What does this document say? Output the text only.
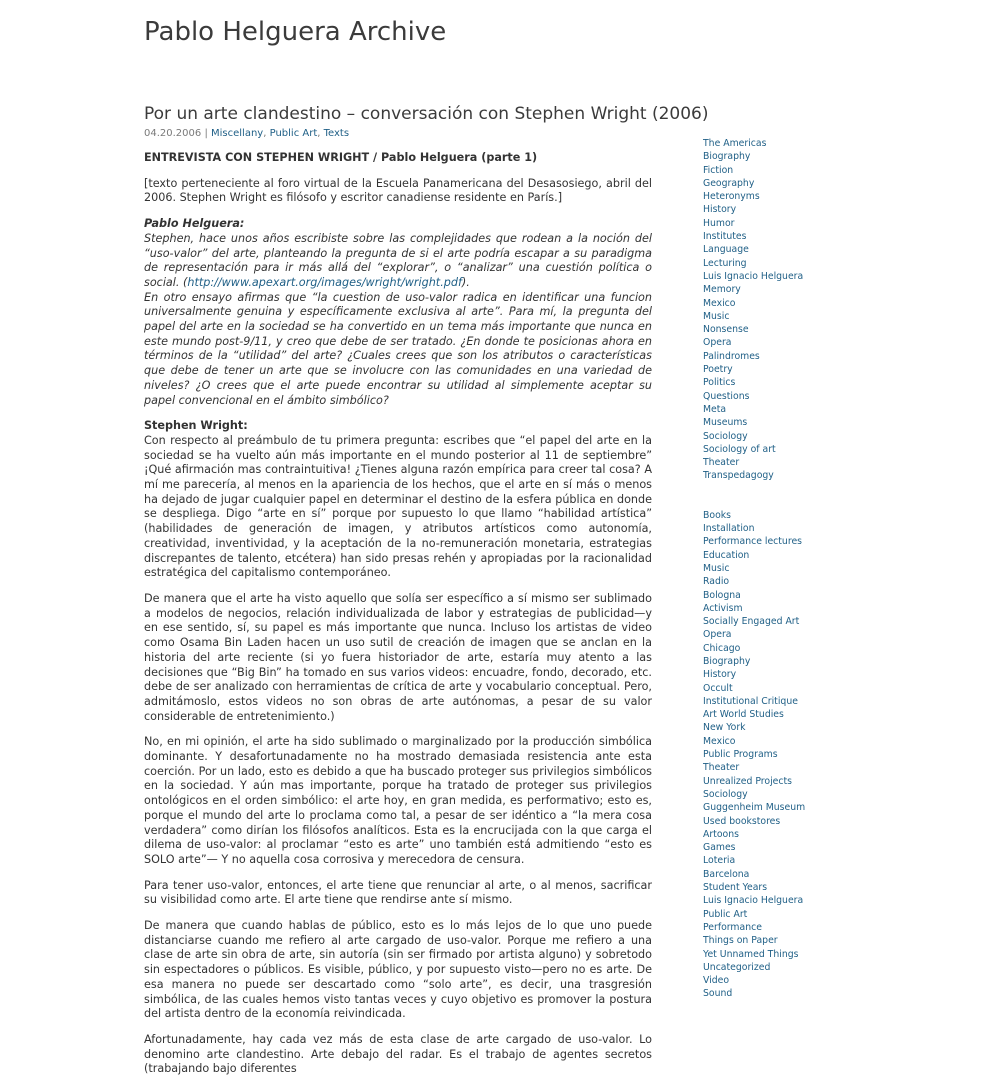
Pablo Helguera Archive
Por un arte clandestino – conversación con Stephen Wright (2006)
04.20.2006 | Miscellany, Public Art, Texts

ENTREVISTA CON STEPHEN WRIGHT / Pablo Helguera (parte 1)

[texto perteneciente al foro virtual de la Escuela Panamericana del Desasosiego, abril del 2006. Stephen Wright es filósofo y escritor canadiense residente en París.]

Pablo Helguera:
Stephen, hace unos años escribiste sobre las complejidades que rodean a la noción del “uso-valor” del arte, planteando la pregunta de si el arte podría escapar a su paradigma de representación para ir más allá del “explorar”, o “analizar” una cuestión política o social. (http://www.apexart.org/images/wright/wright.pdf).
En otro ensayo afirmas que “la cuestion de uso-valor radica en identificar una funcion universalmente genuina y específicamente exclusiva al arte”. Para mí, la pregunta del papel del arte en la sociedad se ha convertido en un tema más importante que nunca en este mundo post-9/11, y creo que debe de ser tratado. ¿En donde te posicionas ahora en términos de la “utilidad” del arte? ¿Cuales crees que son los atributos o características que debe de tener un arte que se involucre con las comunidades en una variedad de niveles? ¿O crees que el arte puede encontrar su utilidad al simplemente aceptar su papel convencional en el ámbito simbólico?

Stephen Wright:
Con respecto al preámbulo de tu primera pregunta: escribes que “el papel del arte en la sociedad se ha vuelto aún más importante en el mundo posterior al 11 de septiembre” ¡Qué afirmación mas contraintuitiva! ¿Tienes alguna razón empírica para creer tal cosa? A mí me parecería, al menos en la apariencia de los hechos, que el arte en sí más o menos ha dejado de jugar cualquier papel en determinar el destino de la esfera pública en donde se despliega. Digo “arte en sí” porque por supuesto lo que llamo “habilidad artística” (habilidades de generación de imagen, y atributos artísticos como autonomía, creatividad, inventividad, y la aceptación de la no-remuneración monetaria, estrategias discrepantes de talento, etcétera) han sido presas rehén y apropiadas por la racionalidad estratégica del capitalismo contemporáneo.

De manera que el arte ha visto aquello que solía ser específico a sí mismo ser sublimado a modelos de negocios, relación individualizada de labor y estrategias de publicidad—y en ese sentido, sí, su papel es más importante que nunca. Incluso los artistas de video como Osama Bin Laden hacen un uso sutil de creación de imagen que se anclan en la historia del arte reciente (si yo fuera historiador de arte, estaría muy atento a las decisiones que “Big Bin” ha tomado en sus varios videos: encuadre, fondo, decorado, etc. debe de ser analizado con herramientas de crítica de arte y vocabulario conceptual. Pero, admitámoslo, estos videos no son obras de arte autónomas, a pesar de su valor considerable de entretenimiento.)

No, en mi opinión, el arte ha sido sublimado o marginalizado por la producción simbólica dominante. Y desafortunadamente no ha mostrado demasiada resistencia ante esta coerción. Por un lado, esto es debido a que ha buscado proteger sus privilegios simbólicos en la sociedad. Y aún mas importante, porque ha tratado de proteger sus privilegios ontológicos en el orden simbólico: el arte hoy, en gran medida, es performativo; esto es, porque el mundo del arte lo proclama como tal, a pesar de ser idéntico a “la mera cosa verdadera” como dirían los filósofos analíticos. Esta es la encrucijada con la que carga el dilema de uso-valor: al proclamar “esto es arte” uno también está admitiendo “esto es SOLO arte”— Y no aquella cosa corrosiva y merecedora de censura.

Para tener uso-valor, entonces, el arte tiene que renunciar al arte, o al menos, sacrificar su visibilidad como arte. El arte tiene que rendirse ante sí mismo.

De manera que cuando hablas de público, esto es lo más lejos de lo que uno puede distanciarse cuando me refiero al arte cargado de uso-valor. Porque me refiero a una clase de arte sin obra de arte, sin autoría (sin ser firmado por artista alguno) y sobretodo sin espectadores o públicos. Es visible, público, y por supuesto visto—pero no es arte. De esa manera no puede ser descartado como “solo arte”, es decir, una trasgresión simbólica, de las cuales hemos visto tantas veces y cuyo objetivo es promover la postura del artista dentro de la economía reivindicada.

Afortunadamente, hay cada vez más de esta clase de arte cargado de uso-valor. Lo denomino arte clandestino. Arte debajo del radar. Es el trabajo de agentes secretos (trabajando bajo diferentes

The Americas
Biography
Fiction
Geography
Heteronyms
History
Humor
Institutes
Language
Lecturing
Luis Ignacio Helguera
Memory
Mexico
Music
Nonsense
Opera
Palindromes
Poetry
Politics
Questions
Meta
Museums
Sociology
Sociology of art
Theater
Transpedagogy
Books
Installation
Performance lectures
Education
Music
Radio
Bologna
Activism
Socially Engaged Art
Opera
Chicago
Biography
History
Occult
Institutional Critique
Art World Studies
New York
Mexico
Public Programs
Theater
Unrealized Projects
Sociology
Guggenheim Museum
Used bookstores
Artoons
Games
Loteria
Barcelona
Student Years
Luis Ignacio Helguera
Public Art
Performance
Things on Paper
Yet Unnamed Things
Uncategorized
Video
Sound
